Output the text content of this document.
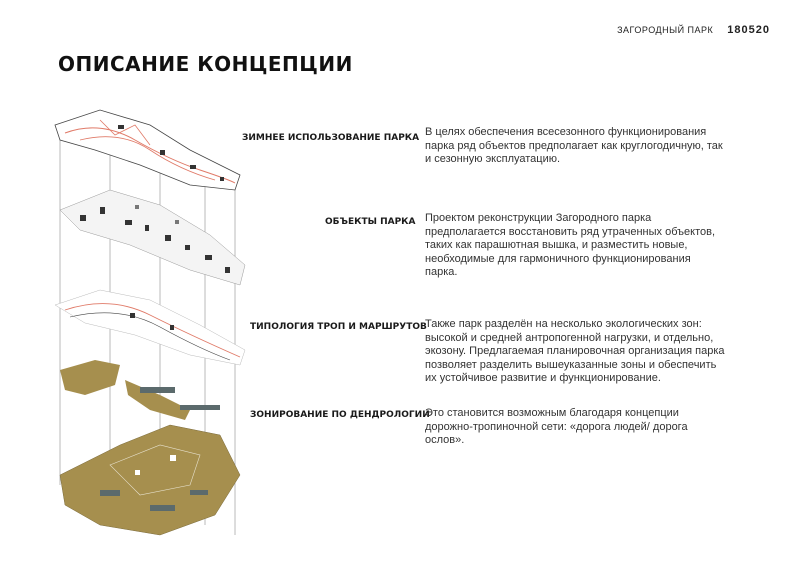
ЗАГОРОДНЫЙ ПАРК 180520
ОПИСАНИЕ КОНЦЕПЦИИ
ЗИМНЕЕ ИСПОЛЬЗОВАНИЕ ПАРКА В целях обеспечения всесезонного функционирования парка ряд объектов предполагает как круглогодичную, так и сезонную эксплуатацию.
ОБЪЕКТЫ ПАРКА Проектом реконструкции Загородного парка предполагается восстановить ряд утраченных объектов, таких как парашютная вышка, и разместить новые, необходимые для гармоничного функционирования парка.
ТИПОЛОГИЯ ТРОП И МАРШРУТОВ
Также парк разделён на несколько экологических зон: высокой и средней антропогенной нагрузки, и отдельно, экозону. Предлагаемая планировочная организация парка позволяет разделить вышеуказанные зоны и обеспечить их устойчивое развитие и функционирование.
ЗОНИРОВАНИЕ ПО ДЕНДРОЛОГИИ
Это становится возможным благодаря концепции дорожно-тропиночной сети: «дорога людей/ дорога ослов».
